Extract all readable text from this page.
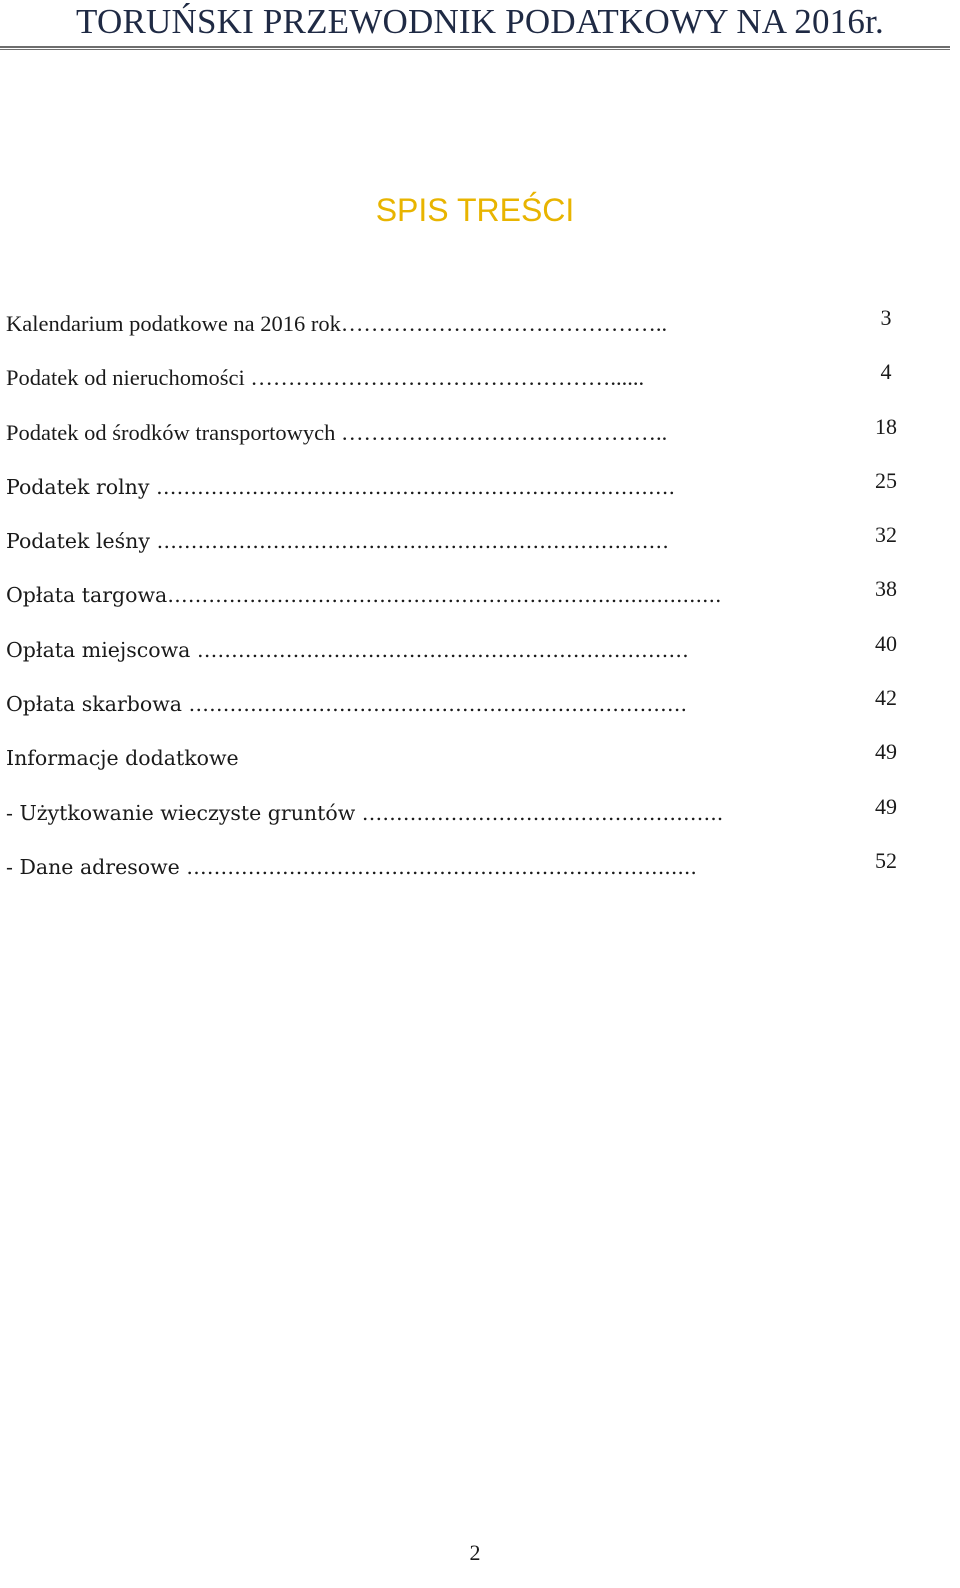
TORUŃSKI PRZEWODNIK PODATKOWY NA 2016r.
SPIS TREŚCI
Kalendarium podatkowe na 2016 rok……………………………………..	3
Podatek od nieruchomości …………………………………………......	4
Podatek od środków transportowych ……………………………………..	18
Podatek rolny ………………………………………………………………….	25
Podatek leśny …………………………………………………………………	32
Opłata targowa………………………………………………………...................	38
Opłata miejscowa ………………………………………………………………	40
Opłata skarbowa ……………………………………………………………….	42
Informacje dodatkowe	49
- Użytkowanie wieczyste gruntów ……………………………………………..	49
- Dane adresowe ……………………………………………………………......	52
2
